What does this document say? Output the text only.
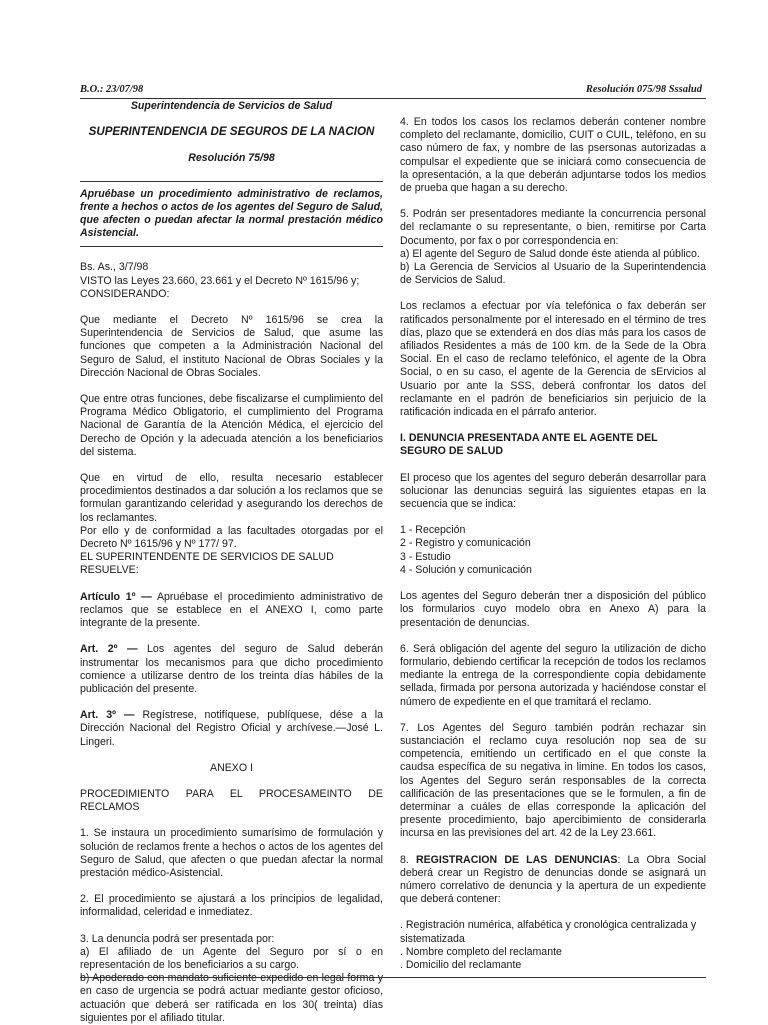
B.O.: 23/07/98	Resolución 075/98 Sssalud
Superintendencia de Servicios de Salud
SUPERINTENDENCIA DE SEGUROS DE LA NACION
Resolución 75/98
Apruébase un procedimiento administrativo de reclamos, frente a hechos o actos de los agentes del Seguro de Salud, que afecten o puedan afectar la normal prestación médico Asistencial.

Bs. As., 3/7/98

VISTO las Leyes 23.660, 23.661 y el Decreto Nº 1615/96 y;

CONSIDERANDO:

Que mediante el Decreto Nº 1615/96 se crea la Superintendencia de Servicios de Salud, que asume las funciones que competen a la Administración Nacional del Seguro de Salud, el instituto Nacional de Obras Sociales y la Dirección Nacional de Obras Sociales.

Que entre otras funciones, debe fiscalizarse el cumplimiento del Programa Médico Obligatorio, el cumplimiento del Programa Nacional de Garantía de la Atención Médica, el ejercicio del Derecho de Opción y la adecuada atención a los beneficiarios del sistema.

Que en virtud de ello, resulta necesario establecer procedimientos destinados a dar solución a los reclamos que se formulan garantizando celeridad y asegurando los derechos de los reclamantes.

Por ello y de conformidad a las facultades otorgadas por el Decreto Nº 1615/96 y Nº 177/ 97.

EL SUPERINTENDENTE DE SERVICIOS DE SALUD

RESUELVE:

Artículo 1º — Apruébase el procedimiento administrativo de reclamos que se establece en el ANEXO I, como parte integrante de la presente.

Art. 2º — Los agentes del seguro de Salud deberán instrumentar los mecanismos para que dicho procedimiento comience a utilizarse dentro de los treinta días hábiles de la publicación del presente.

Art. 3º — Regístrese, notifíquese, publíquese, dése a la Dirección Nacional del Registro Oficial y archívese.—José L. Lingeri.

ANEXO I

PROCEDIMIENTO PARA EL PROCESAMEINTO DE RECLAMOS

1. Se instaura un procedimiento sumarísimo de formulación y solución de reclamos frente a hechos o actos de los agentes del Seguro de Salud, que afecten o que puedan afectar la normal prestación médico-Asistencial.

2. El procedimiento se ajustará a los principios de legalidad, informalidad, celeridad e inmediatez.

3. La denuncia podrá ser presentada por:

a) El afiliado de un Agente del Seguro por sí o en representación de los beneficiarios a su cargo.

b) Apoderado con mandato suficiente expedido en legal forma y en caso de urgencia se podrá actuar mediante gestor oficioso, actuación que deberá ser ratificada en los 30( treinta) días siguientes por el afiliado titular.

4. En todos los casos los reclamos deberán contener nombre completo del reclamante, domicilio, CUIT o CUIL, teléfono, en su caso número de fax, y nombre de las psersonas autorizadas a compulsar el expediente que se iniciará como consecuencia de la opresentación, a la que deberán adjuntarse todos los medios de prueba que hagan a su derecho.

5. Podrán ser presentadores mediante la concurrencia personal del reclamante o su representante, o bien, remitirse por Carta Documento, por fax o por correspondencia en:

a) El agente del Seguro de Salud donde éste atienda al público.

b) La Gerencia de Servicios al Usuario de la Superintendencia de Servicios de Salud.

Los reclamos a efectuar por vía telefónica o fax deberán ser ratificados personalmente por el interesado en el término de tres días, plazo que se extenderá en dos días más para los casos de afiliados Residentes a más de 100 km. de la Sede de la Obra Social. En el caso de reclamo telefónico, el agente de la Obra Social, o en su caso, el agente de la Gerencia de sErvicios al Usuario por ante la SSS, deberá confrontar los datos del reclamante en el padrón de beneficiarios sin perjuicio de la ratificación indicada en el párrafo anterior.

I. DENUNCIA PRESENTADA ANTE EL AGENTE DEL SEGURO DE SALUD

El proceso que los agentes del seguro deberán desarrollar para solucionar las denuncias seguirá las siguientes etapas en la secuencia que se indica:

1 - Recepción
2 - Registro y comunicación
3 - Estudio
4 - Solución y comunicación

Los agentes del Seguro deberán tner a disposición del público los formularios cuyo modelo obra en Anexo A) para la presentación de denuncias.

6. Será obligación del agente del seguro la utilización de dicho formulario, debiendo certificar la recepción de todos los reclamos mediante la entrega de la correspondiente copia debidamente sellada, firmada por persona autorizada y haciéndose constar el número de expediente en el que tramitará el reclamo.

7. Los Agentes del Seguro también podrán rechazar sin sustanciación el reclamo cuya resolución nop sea de su competencia, emitiendo un certificado en el que conste la caudsa específica de su negativa in limine. En todos los casos, los Agentes del Seguro serán responsables de la correcta callificación de las presentaciones que se le formulen, a fin de determinar a cuáles de ellas corresponde la aplicación del presente procedimiento, bajo apercibimiento de considerarla incursa en las previsiones del art. 42 de la Ley 23.661.

8. REGISTRACION DE LAS DENUNCIAS: La Obra Social deberá crear un Registro de denuncias donde se asignará un número correlativo de denuncia y la apertura de un expediente que deberá contener:

. Registración numérica, alfabética y cronológica centralizada y sistematizada
. Nombre completo del reclamante
. Domicilio del reclamante
